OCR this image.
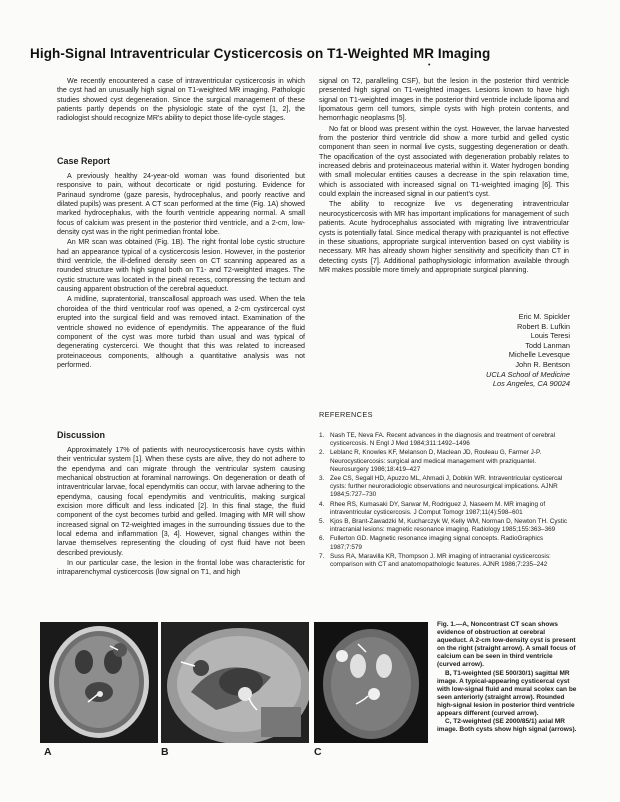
High-Signal Intraventricular Cysticercosis on T1-Weighted MR Imaging
•

We recently encountered a case of intraventricular cysticercosis in which the cyst had an unusually high signal on T1-weighted MR imaging. Pathologic studies showed cyst degeneration. Since the surgical management of these patients partly depends on the physiologic state of the cyst [1, 2], the radiologist should recognize MR's ability to depict those life-cycle stages.

Case Report

A previously healthy 24-year-old woman was found disoriented but responsive to pain, without decorticate or rigid posturing. Evidence for Parinaud syndrome (gaze paresis, hydrocephalus, and poorly reactive and dilated pupils) was present. A CT scan performed at the time (Fig. 1A) showed marked hydrocephalus, with the fourth ventricle appearing normal. A small focus of calcium was present in the posterior third ventricle, and a 2-cm, low-density cyst was in the right perimedian frontal lobe.

An MR scan was obtained (Fig. 1B). The right frontal lobe cystic structure had an appearance typical of a cysticercosis lesion. However, in the posterior third ventricle, the ill-defined density seen on CT scanning appeared as a rounded structure with high signal both on T1- and T2-weighted images. The cystic structure was located in the pineal recess, compressing the tectum and causing apparent obstruction of the cerebral aqueduct.

A midline, supratentorial, transcallosal approach was used. When the tela choroidea of the third ventricular roof was opened, a 2-cm cystircercal cyst erupted into the surgical field and was removed intact. Examination of the ventricle showed no evidence of ependymitis. The appearance of the fluid component of the cyst was more turbid than usual and was typical of degenerating cystercerci. We thought that this was related to increased proteinaceous components, although a quantitative analysis was not performed.

Discussion

Approximately 17% of patients with neurocysticercosis have cysts within their ventricular system [1]. When these cysts are alive, they do not adhere to the ependyma and can migrate through the ventricular system causing mechanical obstruction at foraminal narrowings. On degeneration or death of intraventricular larvae, focal ependymitis can occur, with larvae adhering to the ependyma, causing focal ependymitis and ventriculitis, making surgical excision more difficult and less indicated [2]. In this final stage, the fluid component of the cyst becomes turbid and gelled. Imaging with MR will show increased signal on T2-weighted images in the surrounding tissues due to the local edema and inflammation [3, 4]. However, signal changes within the larvae themselves representing the clouding of cyst fluid have not been described previously.

In our particular case, the lesion in the frontal lobe was characteristic for intraparenchymal cysticercosis (low signal on T1, and high

signal on T2, paralleling CSF), but the lesion in the posterior third ventricle presented high signal on T1-weighted images. Lesions known to have high signal on T1-weighted images in the posterior third ventricle include lipoma and lipomatous germ cell tumors, simple cysts with high protein contents, and hemorrhagic neoplasms [5].

No fat or blood was present within the cyst. However, the larvae harvested from the posterior third ventricle did show a more turbid and gelled cystic component than seen in normal live cysts, suggesting degeneration or death. The opacification of the cyst associated with degeneration probably relates to increased debris and proteinaceous material within it. Water hydrogen bonding with small molecular entities causes a decrease in the spin relaxation time, which is associated with increased signal on T1-weighted imaging [6]. This could explain the increased signal in our patient's cyst.

The ability to recognize live vs degenerating intraventricular neurocysticercosis with MR has important implications for management of such patients. Acute hydrocephalus associated with migrating live intraventricular cysts is potentially fatal. Since medical therapy with praziquantel is not effective in these situations, appropriate surgical intervention based on cyst viability is necessary. MR has already shown higher sensitivity and specificity than CT in detecting cysts [7]. Additional pathophysiologic information available through MR makes possible more timely and appropriate surgical planning.

Eric M. Spickler
Robert B. Lufkin
Louis Teresi
Todd Lanman
Michelle Levesque
John R. Bentson
UCLA School of Medicine
Los Angeles, CA 90024
REFERENCES
1. Nash TE, Neva FA. Recent advances in the diagnosis and treatment of cerebral cysticercosis. N Engl J Med 1984;311:1492–1496
2. Leblanc R, Knowles KF, Melanson D, Maclean JD, Rouleau G, Farmer J-P. Neurocysticercosis: surgical and medical management with praziquantel. Neurosurgery 1986;18:419–427
3. Zee CS, Segall HD, Apuzzo ML, Ahmadi J, Dobkin WR. Intraventricular cysticercal cysts: further neuroradiologic observations and neurosurgical implications. AJNR 1984;5:727–730
4. Rhee RS, Kumasaki DY, Sarwar M, Rodriguez J, Naseem M. MR imaging of intraventricular cysticercosis. J Comput Tomogr 1987;11(4):598–601
5. Kjos B, Brant-Zawadzki M, Kucharczyk W, Kelly WM, Norman D, Newton TH. Cystic intracranial lesions: magnetic resonance imaging. Radiology 1985;155:363–369
6. Fullerton GD. Magnetic resonance imaging signal concepts. RadioGraphics 1987;7:579
7. Suss RA, Maravilla KR, Thompson J. MR imaging of intracranial cysticercosis: comparison with CT and anatomopathologic features. AJNR 1986;7:235–242
A	B	C

Fig. 1.—A, Noncontrast CT scan shows evidence of obstruction at cerebral aqueduct. A 2-cm low-density cyst is present on the right (straight arrow). A small focus of calcium can be seen in third ventricle (curved arrow).

B, T1-weighted (SE 500/30/1) sagittal MR image. A typical-appearing cysticercal cyst with low-signal fluid and mural scolex can be seen anteriorly (straight arrow). Rounded high-signal lesion in posterior third ventricle appears different (curved arrow).

C, T2-weighted (SE 2000/85/1) axial MR image. Both cysts show high signal (arrows).
